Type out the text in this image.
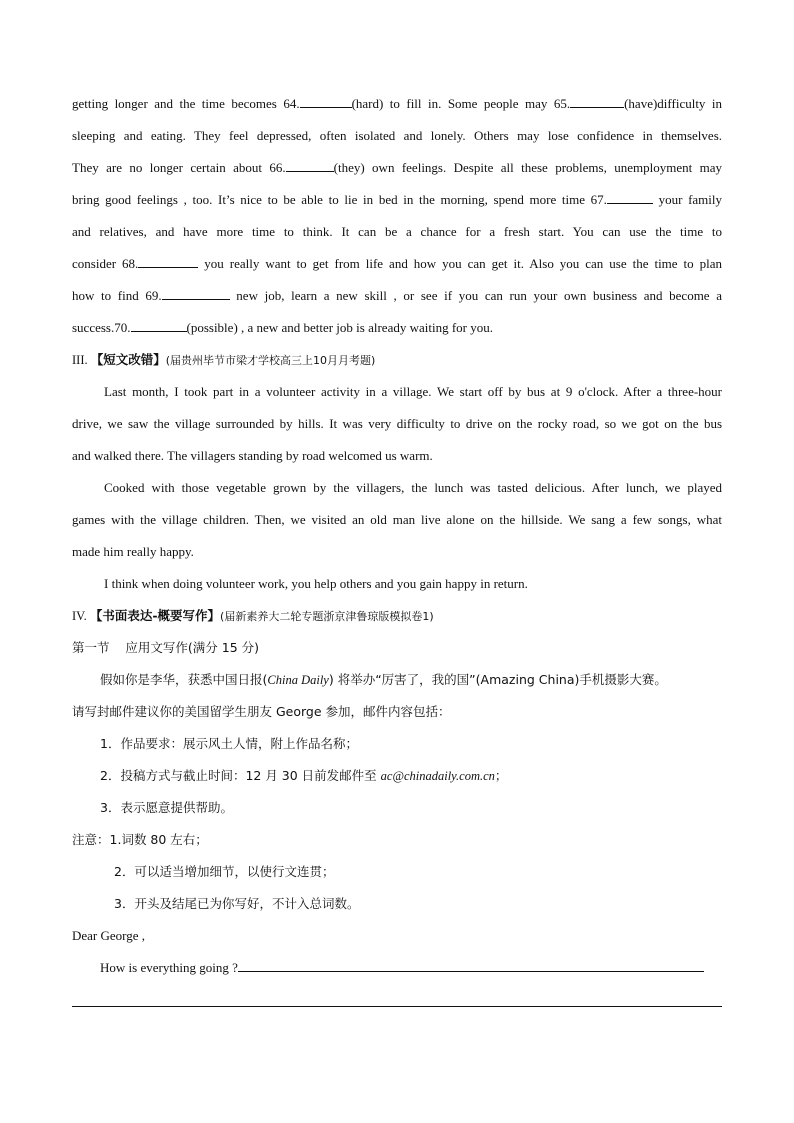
getting longer and the time becomes 64.	(hard) to fill in. Some people may 65.	(have)difficulty in
sleeping and eating. They feel depressed, often isolated and lonely. Others may lose confidence in themselves.
They are no longer certain about 66.	(they) own feelings. Despite all these problems, unemployment may
bring good feelings , too. It’s nice to be able to lie in bed in the morning, spend more time 67.	your family
and relatives, and have more time to think. It can be a chance for a fresh start. You can use the time to
consider 68.	you really want to get from life and how you can get it. Also you can use the time to plan
how to find 69.	new job, learn a new skill , or see if you can run your own business and become a
success.70.	(possible) , a new and better job is already waiting for you.
III. 【短文改错】(届贵州毕节市梁才学校高三上10月月考题)
Last month, I took part in a volunteer activity in a village. We start off by bus at 9 o'clock. After a three-hour
drive, we saw the village surrounded by hills. It was very difficulty to drive on the rocky road, so we got on the bus
and walked there. The villagers standing by road welcomed us warm.
Cooked with those vegetable grown by the villagers, the lunch was tasted delicious. After lunch, we played
games with the village children. Then, we visited an old man live alone on the hillside. We sang a few songs, what
made him really happy.
I think when doing volunteer work, you help others and you gain happy in return.
IV. 【书面表达-概要写作】(届新素养大二轮专题浙京津鲁琼版模拟卷1)
第一节 应用文写作(满分 15 分)
假如你是李华，获悉中国日报(China Daily) 将举办“厉害了，我的国”(Amazing China)手机摄影大赛。
请写封邮件建议你的美国留学生朋友 George 参加，邮件内容包括：
1．作品要求：展示风土人情，附上作品名称；
2．投稿方式与截止时间：12 月 30 日前发邮件至 ac@chinadaily.com.cn；
3．表示愿意提供帮助。
注意：1.词数 80 左右；
2．可以适当增加细节，以使行文连贯；
3．开头及结尾已为你写好，不计入总词数。
Dear George ,
How is everything going ?
